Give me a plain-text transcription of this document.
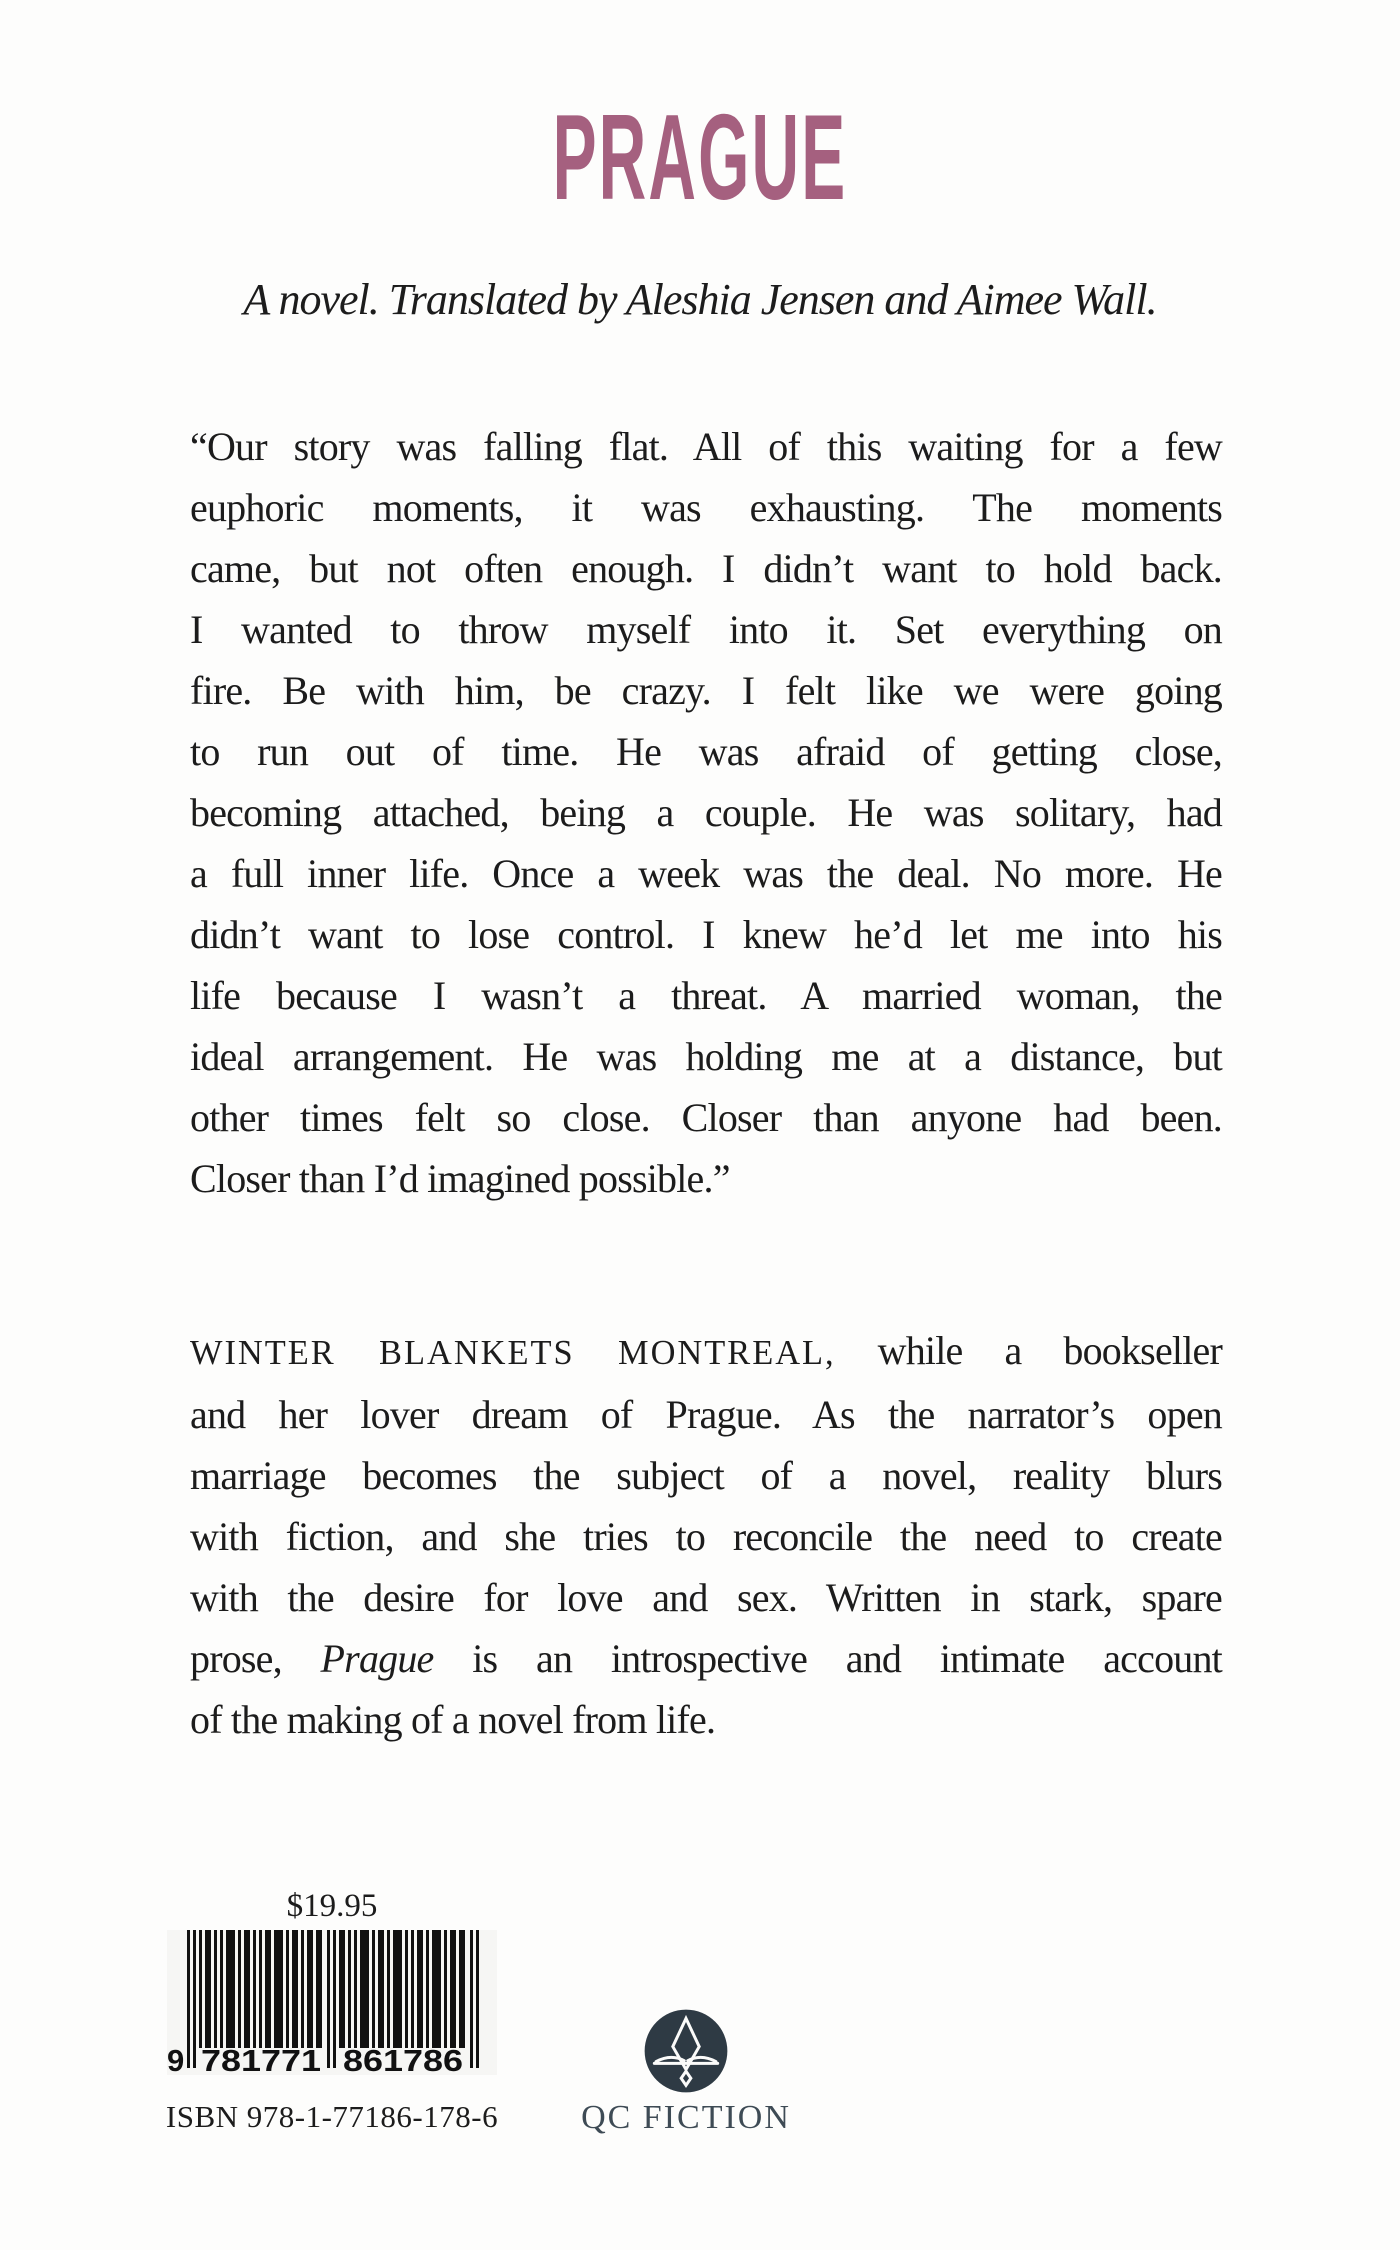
PRAGUE
A novel. Translated by Aleshia Jensen and Aimee Wall.
“Our story was falling flat. All of this waiting for a few
euphoric moments, it was exhausting. The moments
came, but not often enough. I didn’t want to hold back.
I wanted to throw myself into it. Set everything on
fire. Be with him, be crazy. I felt like we were going
to run out of time. He was afraid of getting close,
becoming attached, being a couple. He was solitary, had
a full inner life. Once a week was the deal. No more. He
didn’t want to lose control. I knew he’d let me into his
life because I wasn’t a threat. A married woman, the
ideal arrangement. He was holding me at a distance, but
other times felt so close. Closer than anyone had been.
Closer than I’d imagined possible.”
WINTER BLANKETS MONTREAL, while a bookseller
and her lover dream of Prague. As the narrator’s open
marriage becomes the subject of a novel, reality blurs
with fiction, and she tries to reconcile the need to create
with the desire for love and sex. Written in stark, spare
prose, Prague is an introspective and intimate account
of the making of a novel from life.
$19.95
9 781771 861786
ISBN 978-1-77186-178-6	QC FICTION
